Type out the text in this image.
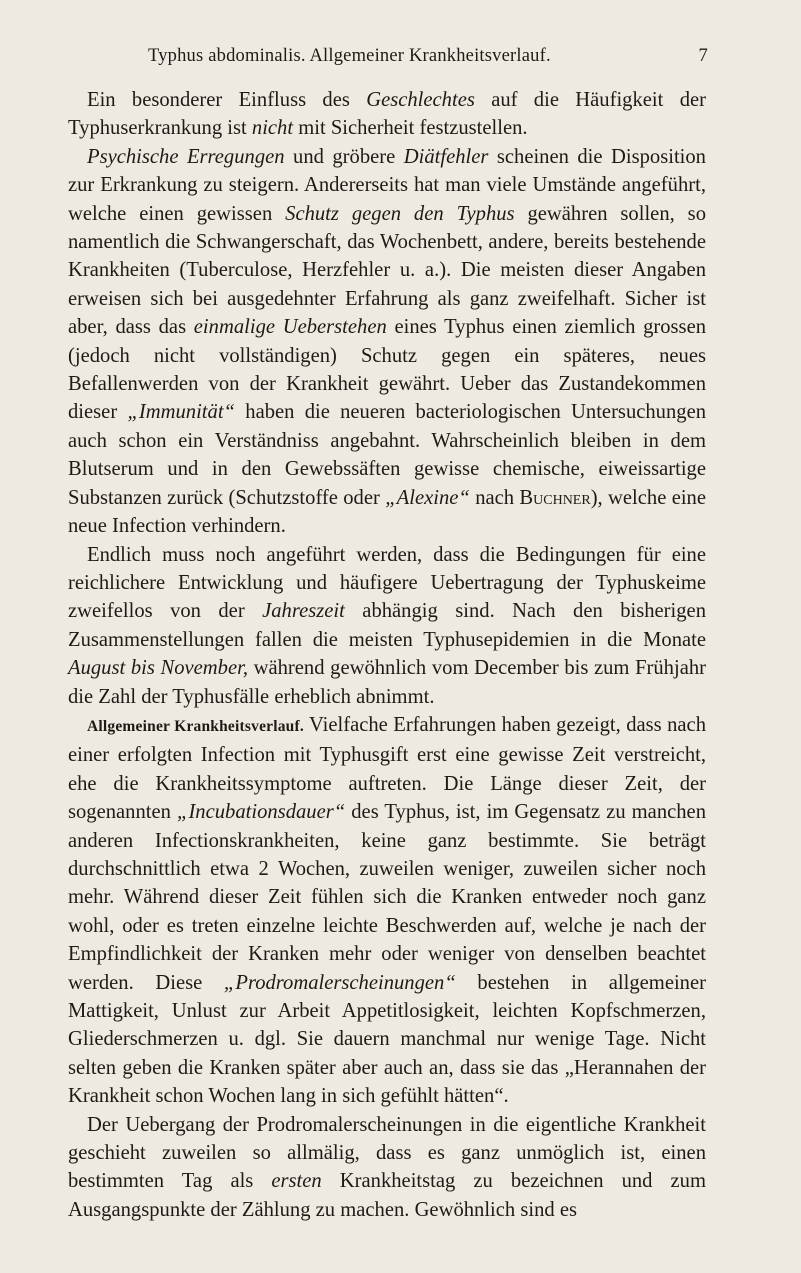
Typhus abdominalis. Allgemeiner Krankheitsverlauf.	7

Ein besonderer Einfluss des Geschlechtes auf die Häufigkeit der Typhuserkrankung ist nicht mit Sicherheit festzustellen.

Psychische Erregungen und gröbere Diätfehler scheinen die Disposition zur Erkrankung zu steigern. Andererseits hat man viele Umstände angeführt, welche einen gewissen Schutz gegen den Typhus gewähren sollen, so namentlich die Schwangerschaft, das Wochenbett, andere, bereits bestehende Krankheiten (Tuberculose, Herzfehler u. a.). Die meisten dieser Angaben erweisen sich bei ausgedehnter Erfahrung als ganz zweifelhaft. Sicher ist aber, dass das einmalige Ueberstehen eines Typhus einen ziemlich grossen (jedoch nicht vollständigen) Schutz gegen ein späteres, neues Befallenwerden von der Krankheit gewährt. Ueber das Zustandekommen dieser „Immunität“ haben die neueren bacteriologischen Untersuchungen auch schon ein Verständniss angebahnt. Wahrscheinlich bleiben in dem Blutserum und in den Gewebssäften gewisse chemische, eiweissartige Substanzen zurück (Schutzstoffe oder „Alexine“ nach Buchner), welche eine neue Infection verhindern.

Endlich muss noch angeführt werden, dass die Bedingungen für eine reichlichere Entwicklung und häufigere Uebertragung der Typhuskeime zweifellos von der Jahreszeit abhängig sind. Nach den bisherigen Zusammenstellungen fallen die meisten Typhusepidemien in die Monate August bis November, während gewöhnlich vom December bis zum Frühjahr die Zahl der Typhusfälle erheblich abnimmt.

Allgemeiner Krankheitsverlauf. Vielfache Erfahrungen haben gezeigt, dass nach einer erfolgten Infection mit Typhusgift erst eine gewisse Zeit verstreicht, ehe die Krankheitssymptome auftreten. Die Länge dieser Zeit, der sogenannten „Incubationsdauer“ des Typhus, ist, im Gegensatz zu manchen anderen Infectionskrankheiten, keine ganz bestimmte. Sie beträgt durchschnittlich etwa 2 Wochen, zuweilen weniger, zuweilen sicher noch mehr. Während dieser Zeit fühlen sich die Kranken entweder noch ganz wohl, oder es treten einzelne leichte Beschwerden auf, welche je nach der Empfindlichkeit der Kranken mehr oder weniger von denselben beachtet werden. Diese „Prodromalerscheinungen“ bestehen in allgemeiner Mattigkeit, Unlust zur Arbeit Appetitlosigkeit, leichten Kopfschmerzen, Gliederschmerzen u. dgl. Sie dauern manchmal nur wenige Tage. Nicht selten geben die Kranken später aber auch an, dass sie das „Herannahen der Krankheit schon Wochen lang in sich gefühlt hätten“.

Der Uebergang der Prodromalerscheinungen in die eigentliche Krankheit geschieht zuweilen so allmälig, dass es ganz unmöglich ist, einen bestimmten Tag als ersten Krankheitstag zu bezeichnen und zum Ausgangspunkte der Zählung zu machen. Gewöhnlich sind es
